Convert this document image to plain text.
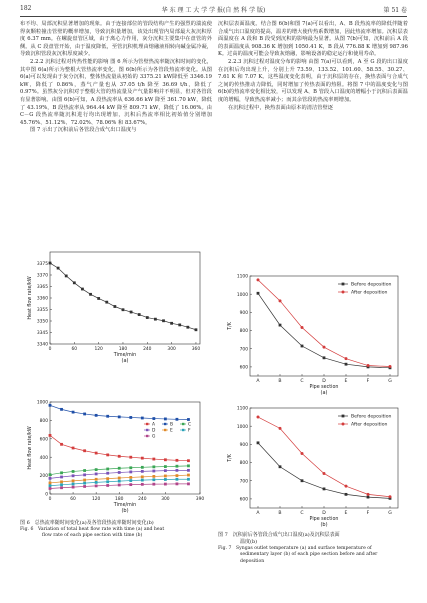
182	华 东 理 工 大 学 学 报(自 然 科 学 版)	第 51 卷

布不均、局部沉积显著增加的现象。由于连接部位的管段结构产生的强烈的湍流使得灰颗粒撞击管壁的概率增加，导致沉积量增加，该处出现管内局部最大灰沉积厚度 6.37 mm。在螺旋盘管区域，由于离心力作用，灰分沉积主要集中在盘管的外侧。从 C 段盘管开始，由于温度降低，至管沉积机理由熔融液相转向碱金属冷凝，导致沉积管段灰沉积厚度减少。

2.2.2 沉积过程对传热性能的影响 图 6 所示为管壁热流率随沉积时间的变化，其中图 6(a)所示为整根大管热流率变化，图 6(b)所示为各管段热流率变化。从图 6(a)可以发现由于灰分沉积，整体热流量从初始的 3375.21 kW降低至 3346.19 kW，降低了 0.86%，蒸气产量也从 37.05 t/h 降至 36.69 t/h，降低了 0.97%。虽然灰分沉积对于整根大管的热流量及产气量影响并不明显，但对各管段有显著影响。由图 6(b)可知，A 段热流率从 636.66 kW 降至 361.70 kW，降低了 43.19%，B 段热流率从 964.44 kW 降至 809.71 kW，降低了 16.06%。由 C－G 段热流率随沉积进行均出现增加，沉积后热流率相比初始值分别增加 45.76%、51.12%、72.02%、78.06% 和 83.67%。

图 7 示出了沉积前后各管段合成气出口温度与

沉积层表面温度。结合图 6(b)和图 7(a)可以看出，A、B 段热流率的降低伴随着合成气出口温度的提高，温差的增大使传热系数增加，因此热流率增加。沉积层表面温度在 A 段和 B 段受到沉积的影响最为显著。从图 7(b)可知，沉积前后 A 段的表面温度从 908.36 K 增加到 1050.41 K，B 段从 776.88 K 增加到 987.96 K。过高的温度可能会导致灰熔融，影响设备的稳定运行和使用寿命。

2.2.3 沉积过程对温度分布的影响 由图 7(a)可以看到，A 至 G 段的出口温度在沉积后均出现上升，分别上升 73.59、133.52、101.60、58.55、30.27、7.61 K 和 7.07 K。这些温度变化表明，由于沉积层的存在，换热表面与合成气之间的传热推动力降低，同时增加了传热表面的热阻。将图 7 中的温度变化与图 6(b)的热流率变化相比较，可以发现 A、B 管段入口温度的增幅小于沉积后表面温度的增幅，导致热流率减小；而其余管段的热流率则增加。

在沉积过程中，换热表面由原本的清洁管壁逐

3340
3345
3350
3355
3360
3365
3370
3375
0	60	120	180	240	300	360
Time/min
Heat flow rate/kW
(a)
0
200
400
600
800
1000
0	60	120	180	240	300	390
Time/min
Heat flow rate/kW
(b)
A	B	C
D	E	F
G
图 6　总热流率随时间变化(a)及各管段热流率随时间变化(b)
Fig. 6　Variation of total heat flow rate with time (a) and heat
flow rate of each pipe section with time (b)
600
700
800
900
1000
1100
A	B	C	D	E	F	G
Pipe section
T/K
(a)
Before deposition
After deposition
600
700
800
900
1000
1100
A	B	C	D	E	F	G
Pipe section
T/K
(b)
Before deposition
After deposition
图 7　沉积前后各管段合成气出口温度(a)及沉积层表面
温度(b)
Fig. 7　Syngas outlet temperature (a) and surface temperature of
sedimentary layer (b) of each pipe section before and after
deposition
